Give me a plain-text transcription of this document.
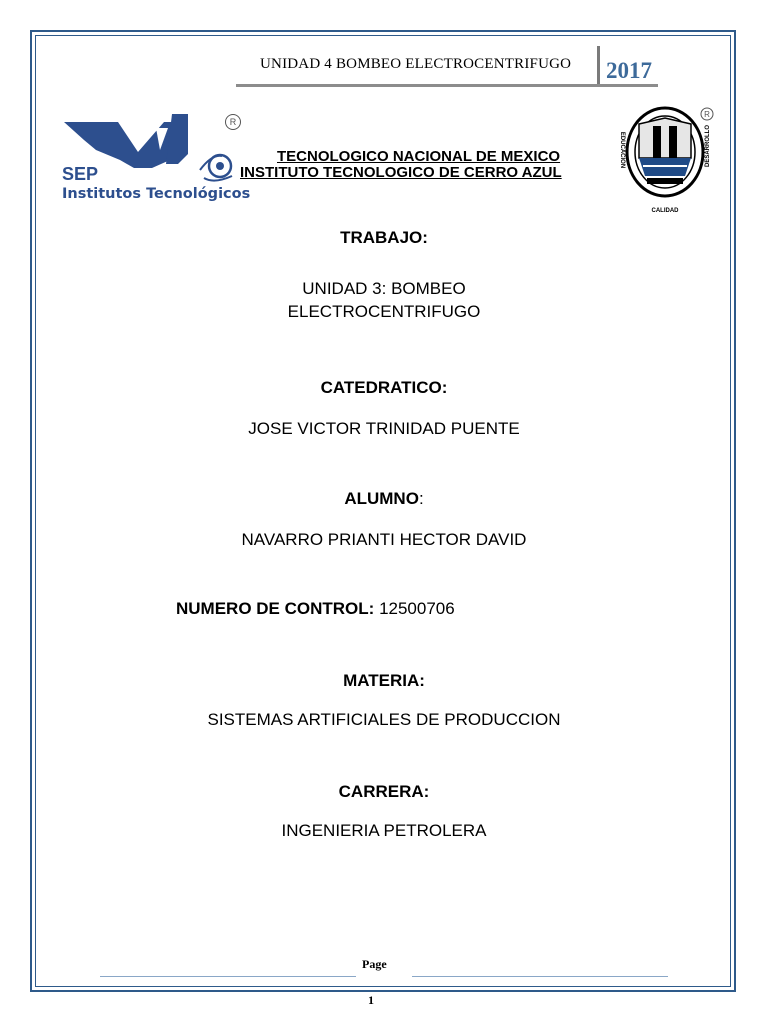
UNIDAD 4 BOMBEO ELECTROCENTRIFUGO 2017
R
SEP
Institutos Tecnológicos
TECNOLOGICO NACIONAL DE MEXICO
INSTITUTO TECNOLOGICO DE CERRO AZUL
EDUCACION	DESARROLLO
CALIDAD
R
TRABAJO:
UNIDAD 3: BOMBEO
ELECTROCENTRIFUGO
CATEDRATICO:
JOSE VICTOR TRINIDAD PUENTE
ALUMNO:
NAVARRO PRIANTI HECTOR DAVID
NUMERO DE CONTROL: 12500706
MATERIA:
SISTEMAS ARTIFICIALES DE PRODUCCION
CARRERA:
INGENIERIA PETROLERA
Page
1
